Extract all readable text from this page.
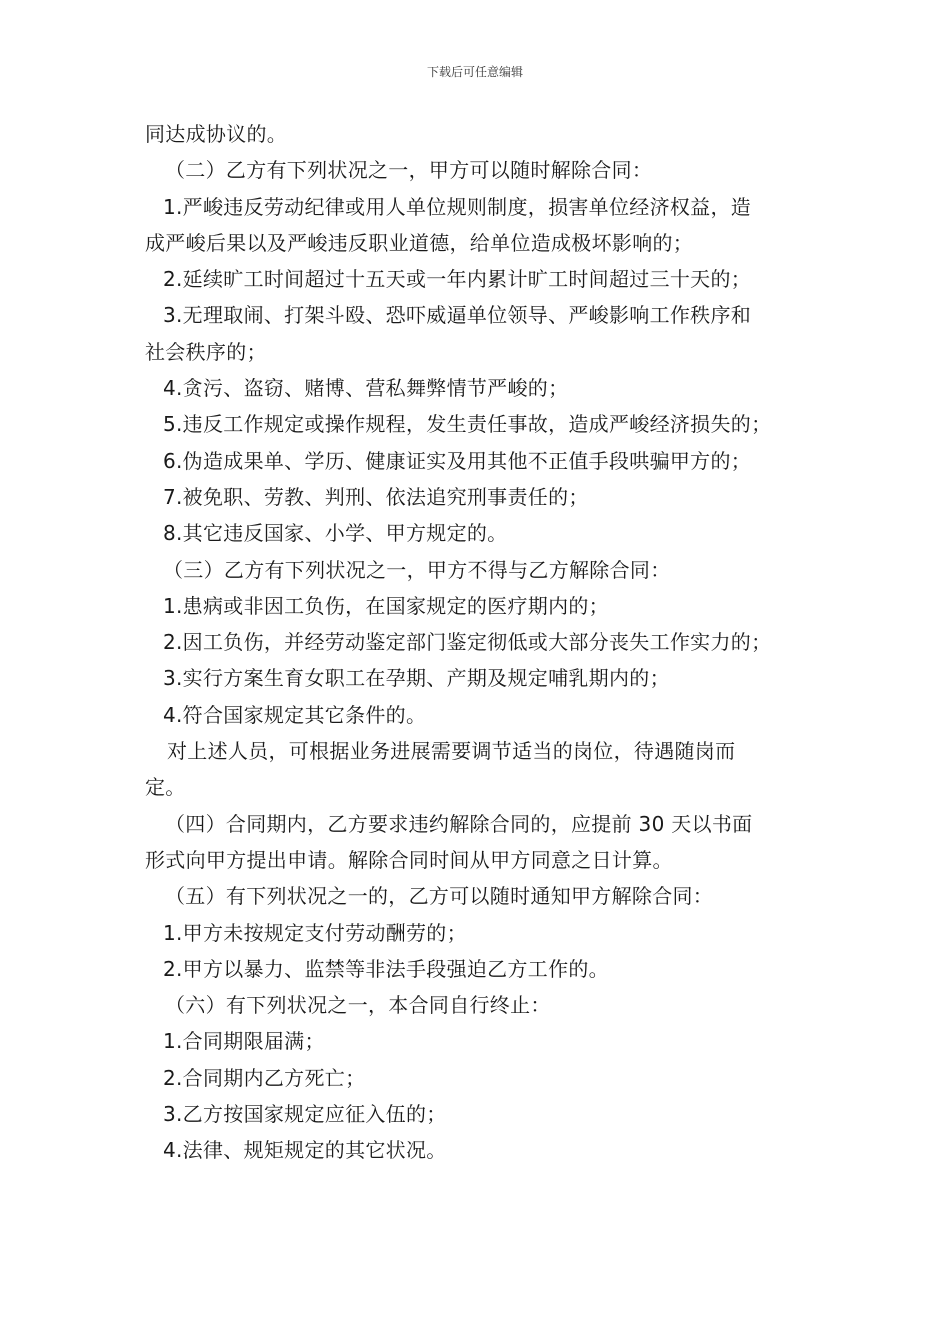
下载后可任意编辑
同达成协议的。
（二）乙方有下列状况之一，甲方可以随时解除合同：
1.严峻违反劳动纪律或用人单位规则制度，损害单位经济权益，造
成严峻后果以及严峻违反职业道德，给单位造成极坏影响的；
2.延续旷工时间超过十五天或一年内累计旷工时间超过三十天的；
3.无理取闹、打架斗殴、恐吓威逼单位领导、严峻影响工作秩序和
社会秩序的；
4.贪污、盗窃、赌博、营私舞弊情节严峻的；
5.违反工作规定或操作规程，发生责任事故，造成严峻经济损失的；
6.伪造成果单、学历、健康证实及用其他不正值手段哄骗甲方的；
7.被免职、劳教、判刑、依法追究刑事责任的；
8.其它违反国家、小学、甲方规定的。
（三）乙方有下列状况之一，甲方不得与乙方解除合同：
1.患病或非因工负伤，在国家规定的医疗期内的；
2.因工负伤，并经劳动鉴定部门鉴定彻低或大部分丧失工作实力的；
3.实行方案生育女职工在孕期、产期及规定哺乳期内的；
4.符合国家规定其它条件的。
对上述人员，可根据业务进展需要调节适当的岗位，待遇随岗而
定。
（四）合同期内，乙方要求违约解除合同的，应提前 30 天以书面
形式向甲方提出申请。解除合同时间从甲方同意之日计算。
（五）有下列状况之一的，乙方可以随时通知甲方解除合同：
1.甲方未按规定支付劳动酬劳的；
2.甲方以暴力、监禁等非法手段强迫乙方工作的。
（六）有下列状况之一，本合同自行终止：
1.合同期限届满；
2.合同期内乙方死亡；
3.乙方按国家规定应征入伍的；
4.法律、规矩规定的其它状况。
